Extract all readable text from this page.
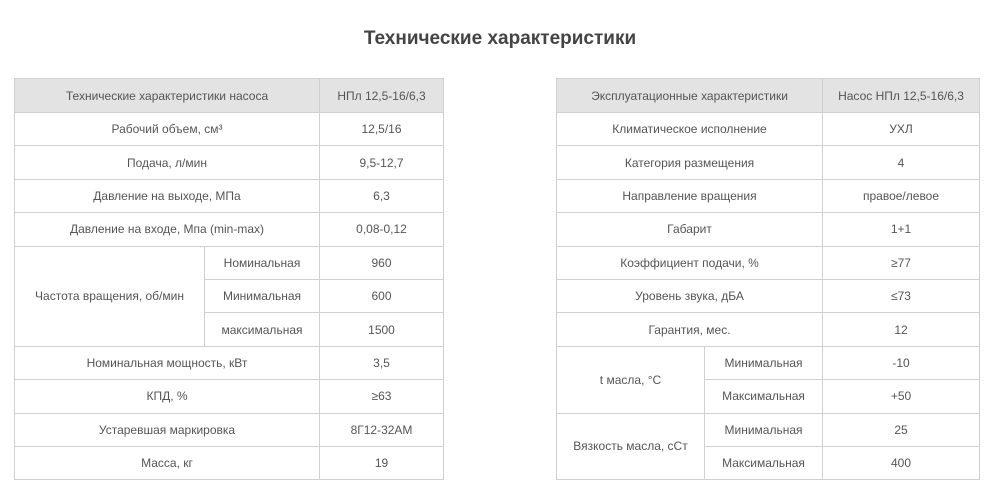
Технические характеристики
Технические характеристики насоса		НПл 12,5-16/6,3
Рабочий объем, см³		12,5/16
Подача, л/мин		9,5-12,7
Давление на выходе, МПа		6,3
Давление на входе, Мпа (min-max)		0,08-0,12
Частота вращения, об/мин	Номинальная	960
	Минимальная	600
	максимальная	1500
Номинальная мощность, кВт		3,5
КПД, %		≥63
Устаревшая маркировка		8Г12-32АМ
Масса, кг		19
Эксплуатационные характеристики		Насос НПл 12,5-16/6,3
Климатическое исполнение		УХЛ
Категория размещения		4
Направление вращения		правое/левое
Габарит		1+1
Коэффициент подачи, %		≥77
Уровень звука, дБА		≤73
Гарантия, мес.		12
t масла, °С	Минимальная	-10
	Максимальная	+50
Вязкость масла, сСт	Минимальная	25
	Максимальная	400
